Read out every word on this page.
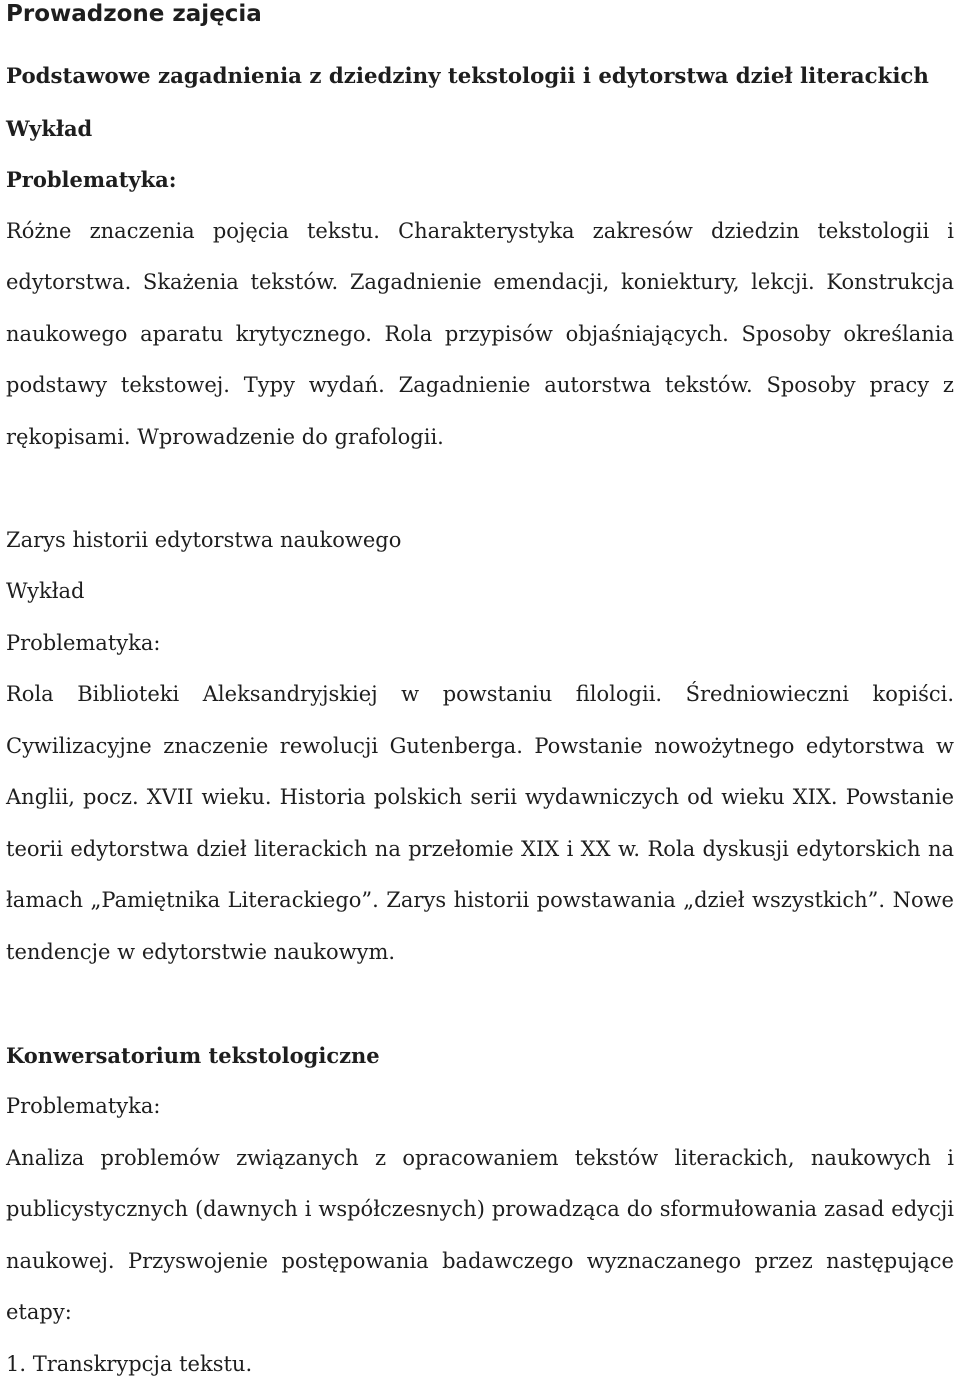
Prowadzone zajęcia

Podstawowe zagadnienia z dziedziny tekstologii i edytorstwa dzieł literackich

Wykład

Problematyka:

Różne znaczenia pojęcia tekstu. Charakterystyka zakresów dziedzin tekstologii i edytorstwa. Skażenia tekstów. Zagadnienie emendacji, koniektury, lekcji. Konstrukcja naukowego aparatu krytycznego. Rola przypisów objaśniających. Sposoby określania podstawy tekstowej. Typy wydań. Zagadnienie autorstwa tekstów. Sposoby pracy z rękopisami. Wprowadzenie do grafologii.

Zarys historii edytorstwa naukowego

Wykład

Problematyka:

Rola Biblioteki Aleksandryjskiej w powstaniu filologii. Średniowieczni kopiści. Cywilizacyjne znaczenie rewolucji Gutenberga. Powstanie nowożytnego edytorstwa w Anglii, pocz. XVII wieku. Historia polskich serii wydawniczych od wieku XIX. Powstanie teorii edytorstwa dzieł literackich na przełomie XIX i XX w. Rola dyskusji edytorskich na łamach „Pamiętnika Literackiego”. Zarys historii powstawania „dzieł wszystkich”. Nowe tendencje w edytorstwie naukowym.

Konwersatorium tekstologiczne

Problematyka:

Analiza problemów związanych z opracowaniem tekstów literackich, naukowych i publicystycznych (dawnych i współczesnych) prowadząca do sformułowania zasad edycji naukowej. Przyswojenie postępowania badawczego wyznaczanego przez następujące etapy:

1. Transkrypcja tekstu.
